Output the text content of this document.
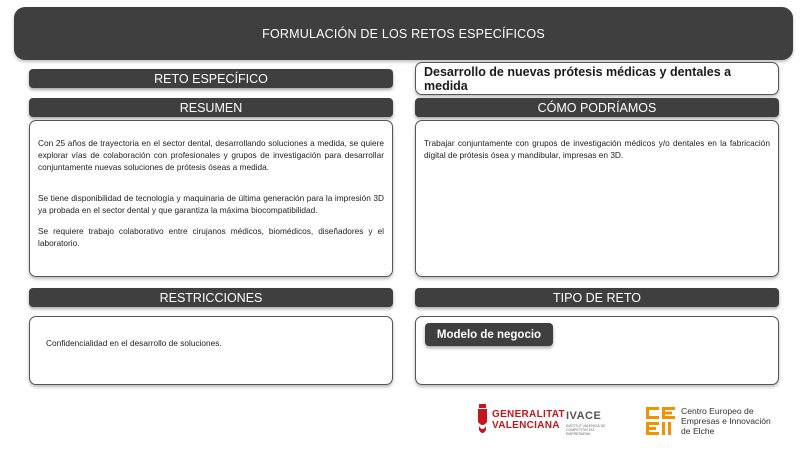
FORMULACIÓN DE LOS RETOS ESPECÍFICOS
RETO ESPECÍFICO	Desarrollo de nuevas prótesis médicas y dentales a medida
RESUMEN

Con 25 años de trayectoria en el sector dental, desarrollando soluciones a medida, se quiere explorar vías de colaboración con profesionales y grupos de investigación para desarrollar conjuntamente nuevas soluciones de prótesis óseas a medida.

Se tiene disponibilidad de tecnología y maquinaria de última generación para la impresión 3D ya probada en el sector dental y que garantiza la máxima biocompatibilidad.

Se requiere trabajo colaborativo entre cirujanos médicos, biomédicos, diseñadores y el laboratorio.

CÓMO PODRÍAMOS

Trabajar conjuntamente con grupos de investigación médicos y/o dentales en la fabricación digital de prótesis ósea y mandibular, impresas en 3D.

RESTRICCIONES

Confidencialidad en el desarrollo de soluciones.

TIPO DE RETO
Modelo de negocio
GENERALITAT
VALENCIANA
IVACE
INSTITUT VALENCIÀ DE
COMPETITIVITAT EMPRESARIAL
Centro Europeo de
Empresas e Innovación
de Elche
